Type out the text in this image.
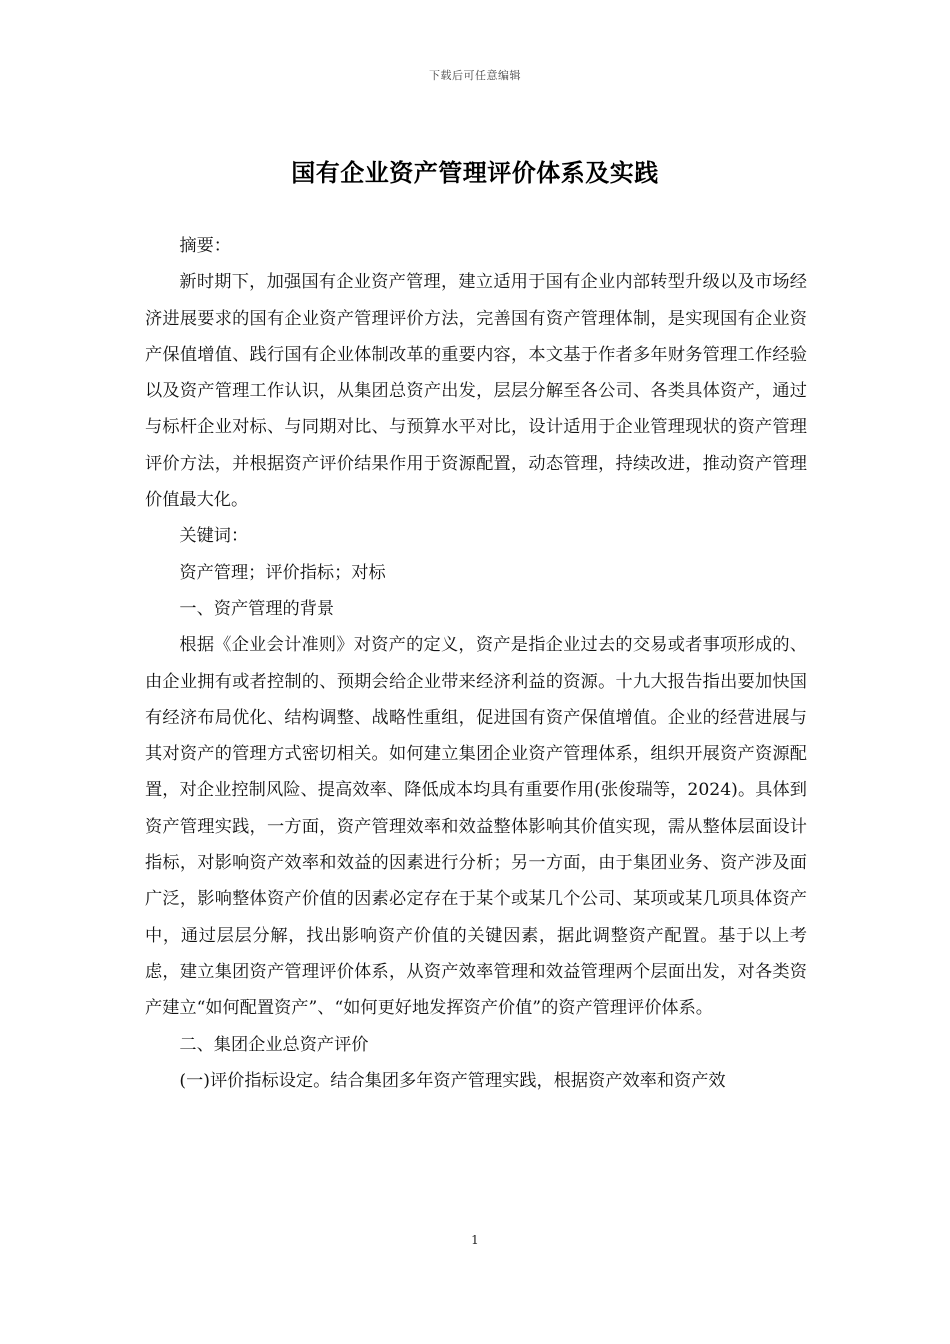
下载后可任意编辑
国有企业资产管理评价体系及实践

摘要：

新时期下，加强国有企业资产管理，建立适用于国有企业内部转型升级以及市场经济进展要求的国有企业资产管理评价方法，完善国有资产管理体制，是实现国有企业资产保值增值、践行国有企业体制改革的重要内容，本文基于作者多年财务管理工作经验以及资产管理工作认识，从集团总资产出发，层层分解至各公司、各类具体资产，通过与标杆企业对标、与同期对比、与预算水平对比，设计适用于企业管理现状的资产管理评价方法，并根据资产评价结果作用于资源配置，动态管理，持续改进，推动资产管理价值最大化。

关键词：

资产管理；评价指标；对标

一、资产管理的背景

根据《企业会计准则》对资产的定义，资产是指企业过去的交易或者事项形成的、由企业拥有或者控制的、预期会给企业带来经济利益的资源。十九大报告指出要加快国有经济布局优化、结构调整、战略性重组，促进国有资产保值增值。企业的经营进展与其对资产的管理方式密切相关。如何建立集团企业资产管理体系，组织开展资产资源配置，对企业控制风险、提高效率、降低成本均具有重要作用(张俊瑞等，2024)。具体到资产管理实践，一方面，资产管理效率和效益整体影响其价值实现，需从整体层面设计指标，对影响资产效率和效益的因素进行分析；另一方面，由于集团业务、资产涉及面广泛，影响整体资产价值的因素必定存在于某个或某几个公司、某项或某几项具体资产中，通过层层分解，找出影响资产价值的关键因素，据此调整资产配置。基于以上考虑，建立集团资产管理评价体系，从资产效率管理和效益管理两个层面出发，对各类资产建立“如何配置资产”、“如何更好地发挥资产价值”的资产管理评价体系。

二、集团企业总资产评价

(一)评价指标设定。结合集团多年资产管理实践，根据资产效率和资产效

1
